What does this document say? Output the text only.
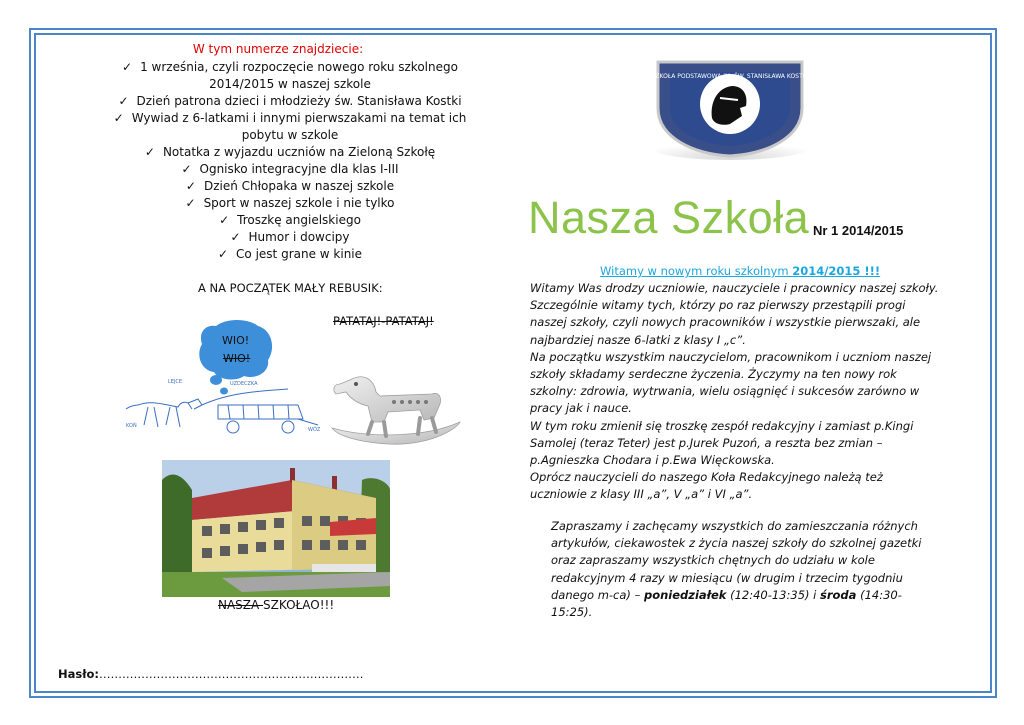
W tym numerze znajdziecie:
✓ 1 września, czyli rozpoczęcie nowego roku szkolnego 2014/2015 w naszej szkole
✓ Dzień patrona dzieci i młodzieży św. Stanisława Kostki
✓ Wywiad z 6-latkami i innymi pierwszakami na temat ich pobytu w szkole
✓ Notatka z wyjazdu uczniów na Zieloną Szkołę
✓ Ognisko integracyjne dla klas I-III
✓ Dzień Chłopaka w naszej szkole
✓ Sport w naszej szkole i nie tylko
✓ Troszkę angielskiego
✓ Humor i dowcipy
✓ Co jest grane w kinie
A NA POCZĄTEK MAŁY REBUSIK:
WIO!
WIO!
PATATAJ!-PATATAJ!
LEJCE	UZDECZKA
KOŃ
WÓZ
NASZA SZKOŁAO!!!
Hasło:……………………………………………………………
SZKOŁA PODSTAWOWA IM. ŚW. STANISŁAWA KOSTKI
Nasza Szkoła Nr 1 2014/2015
Witamy w nowym roku szkolnym 2014/2015 !!!

Witamy Was drodzy uczniowie, nauczyciele i pracownicy naszej szkoły. Szczególnie witamy tych, którzy po raz pierwszy przestąpili progi naszej szkoły, czyli nowych pracowników i wszystkie pierwszaki, ale najbardziej nasze 6-latki z klasy I „c”.

Na początku wszystkim nauczycielom, pracownikom i uczniom naszej szkoły składamy serdeczne życzenia. Życzymy na ten nowy rok szkolny: zdrowia, wytrwania, wielu osiągnięć i sukcesów zarówno w pracy jak i nauce.

W tym roku zmienił się troszkę zespół redakcyjny i zamiast p.Kingi Samolej (teraz Teter) jest p.Jurek Puzoń, a reszta bez zmian – p.Agnieszka Chodara i p.Ewa Więckowska.

Oprócz nauczycieli do naszego Koła Redakcyjnego należą też uczniowie z klasy III „a”, V „a” i VI „a”.

Zapraszamy i zachęcamy wszystkich do zamieszczania różnych artykułów, ciekawostek z życia naszej szkoły do szkolnej gazetki oraz zapraszamy wszystkich chętnych do udziału w kole redakcyjnym 4 razy w miesiącu (w drugim i trzecim tygodniu danego m-ca) – poniedziałek (12:40-13:35) i środa (14:30-15:25).
